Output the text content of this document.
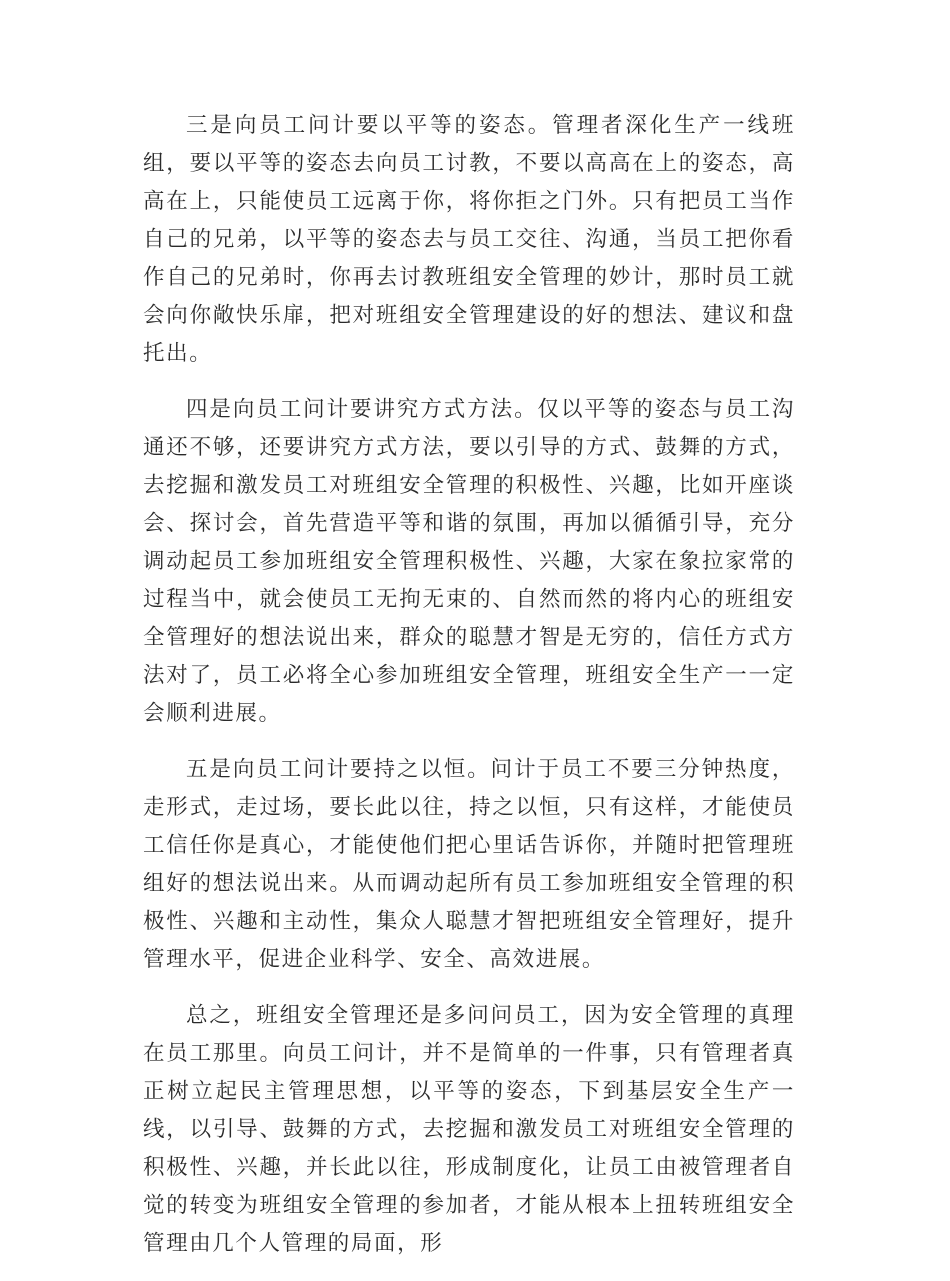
三是向员工问计要以平等的姿态。管理者深化生产一线班组，要以平等的姿态去向员工讨教，不要以高高在上的姿态，高高在上，只能使员工远离于你，将你拒之门外。只有把员工当作自己的兄弟，以平等的姿态去与员工交往、沟通，当员工把你看作自己的兄弟时，你再去讨教班组安全管理的妙计，那时员工就会向你敞快乐扉，把对班组安全管理建设的好的想法、建议和盘托出。

四是向员工问计要讲究方式方法。仅以平等的姿态与员工沟通还不够，还要讲究方式方法，要以引导的方式、鼓舞的方式，去挖掘和激发员工对班组安全管理的积极性、兴趣，比如开座谈会、探讨会，首先营造平等和谐的氛围，再加以循循引导，充分调动起员工参加班组安全管理积极性、兴趣，大家在象拉家常的过程当中，就会使员工无拘无束的、自然而然的将内心的班组安全管理好的想法说出来，群众的聪慧才智是无穷的，信任方式方法对了，员工必将全心参加班组安全管理，班组安全生产一一定会顺利进展。

五是向员工问计要持之以恒。问计于员工不要三分钟热度，走形式，走过场，要长此以往，持之以恒，只有这样，才能使员工信任你是真心，才能使他们把心里话告诉你，并随时把管理班组好的想法说出来。从而调动起所有员工参加班组安全管理的积极性、兴趣和主动性，集众人聪慧才智把班组安全管理好，提升管理水平，促进企业科学、安全、高效进展。

总之，班组安全管理还是多问问员工，因为安全管理的真理在员工那里。向员工问计，并不是简单的一件事，只有管理者真正树立起民主管理思想，以平等的姿态，下到基层安全生产一线，以引导、鼓舞的方式，去挖掘和激发员工对班组安全管理的积极性、兴趣，并长此以往，形成制度化，让员工由被管理者自觉的转变为班组安全管理的参加者，才能从根本上扭转班组安全管理由几个人管理的局面，形
